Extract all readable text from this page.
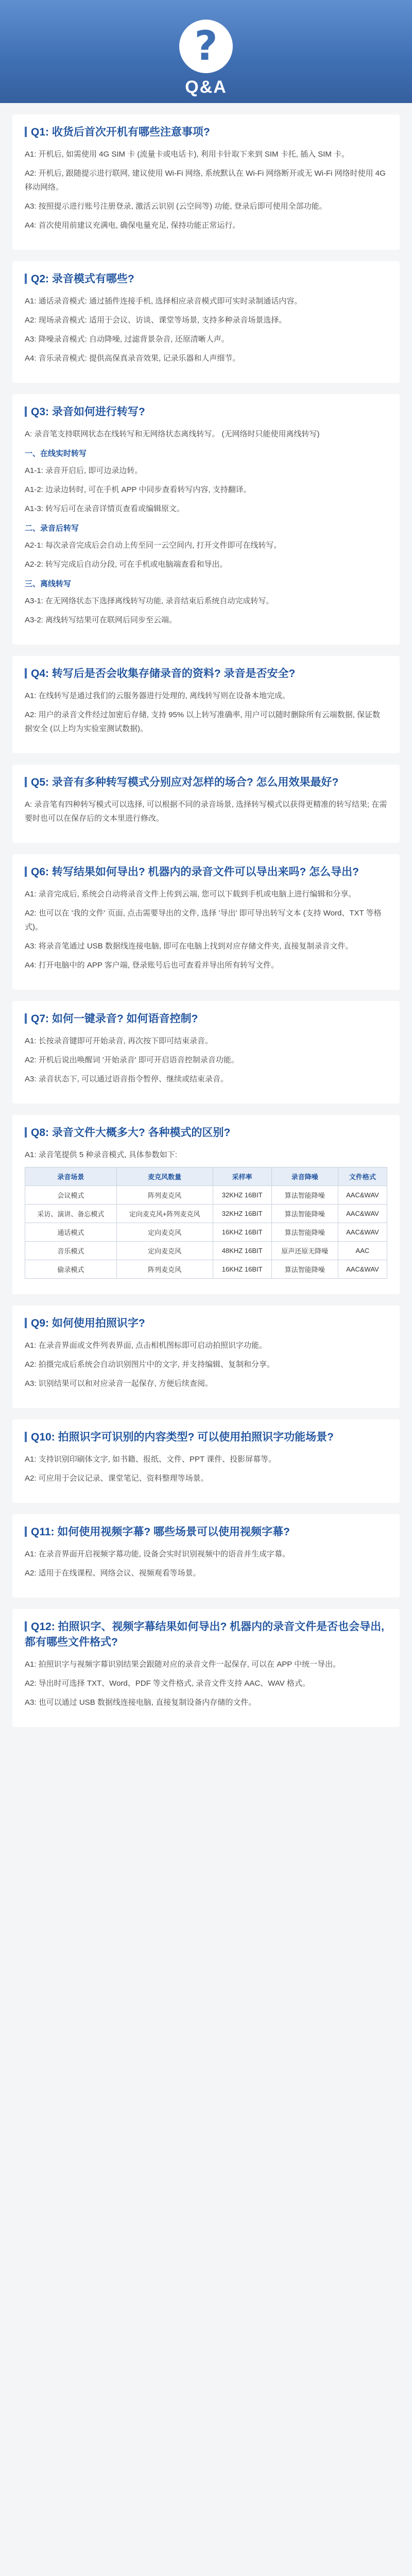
?
Q&A
Q1: 收货后首次开机有哪些注意事项?

A1: 开机后, 如需使用 4G SIM 卡 (流量卡或电话卡), 利用卡针取下来到 SIM 卡托, 插入 SIM 卡。

A2: 开机后, 跟随提示进行联网, 建议使用 Wi-Fi 网络, 系统默认在 Wi-Fi 网络断开或无 Wi-Fi 网络时使用 4G 移动网络。

A3: 按照提示进行账号注册登录, 激活云识别 (云空间等) 功能, 登录后即可使用全部功能。

A4: 首次使用前建议充满电, 确保电量充足, 保持功能正常运行。

Q2: 录音模式有哪些?

A1: 通话录音模式: 通过插件连接手机, 选择相应录音模式即可实时录制通话内容。

A2: 现场录音模式: 适用于会议、访谈、课堂等场景, 支持多种录音场景选择。

A3: 降噪录音模式: 自动降噪, 过滤背景杂音, 还原清晰人声。

A4: 音乐录音模式: 提供高保真录音效果, 记录乐器和人声细节。

Q3: 录音如何进行转写?

A: 录音笔支持联网状态在线转写和无网络状态离线转写。 (无网络时只能使用离线转写)

一、在线实时转写

A1-1: 录音开启后, 即可边录边转。

A1-2: 边录边转时, 可在手机 APP 中同步查看转写内容, 支持翻译。

A1-3: 转写后可在录音详情页查看或编辑原文。

二、录音后转写

A2-1: 每次录音完成后会自动上传至同一云空间内, 打开文件即可在线转写。

A2-2: 转写完成后自动分段, 可在手机或电脑端查看和导出。

三、离线转写

A3-1: 在无网络状态下选择离线转写功能, 录音结束后系统自动完成转写。

A3-2: 离线转写结果可在联网后同步至云端。

Q4: 转写后是否会收集存储录音的资料? 录音是否安全?

A1: 在线转写是通过我们的云服务器进行处理的, 离线转写则在设备本地完成。

A2: 用户的录音文件经过加密后存储, 支持 95% 以上转写准确率, 用户可以随时删除所有云端数据, 保证数据安全 (以上均为实验室测试数据)。

Q5: 录音有多种转写模式分别应对怎样的场合? 怎么用效果最好?

A: 录音笔有四种转写模式可以选择, 可以根据不同的录音场景, 选择转写模式以获得更精准的转写结果; 在需要时也可以在保存后的文本里进行修改。

Q6: 转写结果如何导出? 机器内的录音文件可以导出来吗? 怎么导出?

A1: 录音完成后, 系统会自动将录音文件上传到云端, 您可以下载到手机或电脑上进行编辑和分享。

A2: 也可以在 '我的文件' 页面, 点击需要导出的文件, 选择 '导出' 即可导出转写文本 (支持 Word、TXT 等格式)。

A3: 将录音笔通过 USB 数据线连接电脑, 即可在电脑上找到对应存储文件夹, 直接复制录音文件。

A4: 打开电脑中的 APP 客户端, 登录账号后也可查看并导出所有转写文件。

Q7: 如何一键录音? 如何语音控制?

A1: 长按录音键即可开始录音, 再次按下即可结束录音。

A2: 开机后说出唤醒词 '开始录音' 即可开启语音控制录音功能。

A3: 录音状态下, 可以通过语音指令暂停、继续或结束录音。

Q8: 录音文件大概多大? 各种模式的区别?

A1: 录音笔提供 5 种录音模式, 具体参数如下:

录音场景	麦克风数量	采样率	录音降噪	文件格式
会议模式	阵列麦克风	32KHZ 16BIT	算法智能降噪	AAC&WAV
采访、演讲、备忘模式	定向麦克风+阵列麦克风	32KHZ 16BIT	算法智能降噪	AAC&WAV
通话模式	定向麦克风	16KHZ 16BIT	算法智能降噪	AAC&WAV
音乐模式	定向麦克风	48KHZ 16BIT	原声还原无降噪	AAC
偷录模式	阵列麦克风	16KHZ 16BIT	算法智能降噪	AAC&WAV
Q9: 如何使用拍照识字?

A1: 在录音界面或文件列表界面, 点击相机图标即可启动拍照识字功能。

A2: 拍摄完成后系统会自动识别图片中的文字, 并支持编辑、复制和分享。

A3: 识别结果可以和对应录音一起保存, 方便后续查阅。

Q10: 拍照识字可识别的内容类型? 可以使用拍照识字功能场景?

A1: 支持识别印刷体文字, 如书籍、报纸、文件、PPT 课件、投影屏幕等。

A2: 可应用于会议记录、课堂笔记、资料整理等场景。

Q11: 如何使用视频字幕? 哪些场景可以使用视频字幕?

A1: 在录音界面开启视频字幕功能, 设备会实时识别视频中的语音并生成字幕。

A2: 适用于在线课程、网络会议、视频观看等场景。

Q12: 拍照识字、视频字幕结果如何导出? 机器内的录音文件是否也会导出, 都有哪些文件格式?

A1: 拍照识字与视频字幕识别结果会跟随对应的录音文件一起保存, 可以在 APP 中统一导出。

A2: 导出时可选择 TXT、Word、PDF 等文件格式, 录音文件支持 AAC、WAV 格式。

A3: 也可以通过 USB 数据线连接电脑, 直接复制设备内存储的文件。
